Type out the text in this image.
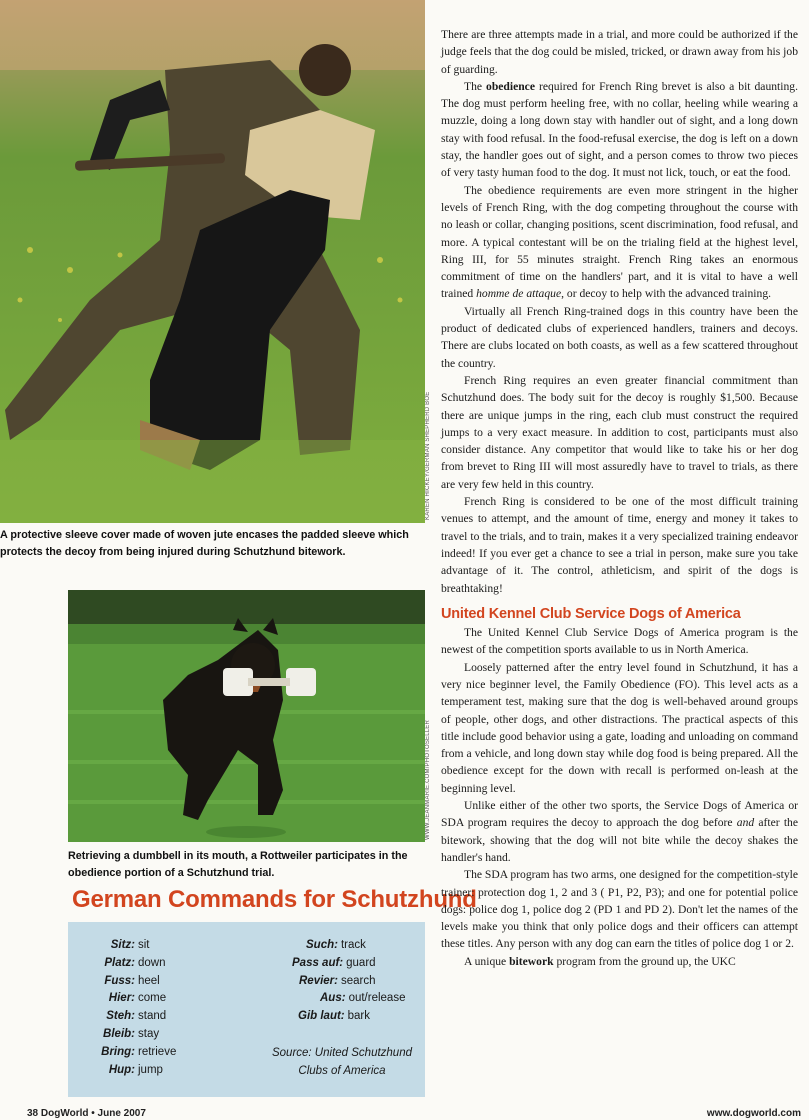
KAREN HICKEY/GERMAN SHEPHERD BOE
A protective sleeve cover made of woven jute encases the padded sleeve which protects the decoy from being injured during Schutzhund bitework.
WWW.JEANMARIE.COM/PHOTOSELLER
Retrieving a dumbbell in its mouth, a Rottweiler participates in the obedience portion of a Schutzhund trial.
German Commands for Schutzhund
Sitz: sit
Platz: down
Fuss: heel
Hier: come
Steh: stand
Bleib: stay
Bring: retrieve
Hup: jump
Such: track
Pass auf: guard
Revier: search
Aus: out/release
Gib laut: bark
Source: United Schutzhund
Clubs of America

There are three attempts made in a trial, and more could be authorized if the judge feels that the dog could be misled, tricked, or drawn away from his job of guarding.

The obedience required for French Ring brevet is also a bit daunting. The dog must perform heeling free, with no collar, heeling while wearing a muzzle, doing a long down stay with handler out of sight, and a long down stay with food refusal. In the food-refusal exercise, the dog is left on a down stay, the handler goes out of sight, and a person comes to throw two pieces of very tasty human food to the dog. It must not lick, touch, or eat the food.

The obedience requirements are even more stringent in the higher levels of French Ring, with the dog competing throughout the course with no leash or collar, changing positions, scent discrimination, food refusal, and more. A typical contestant will be on the trialing field at the highest level, Ring III, for 55 minutes straight. French Ring takes an enormous commitment of time on the handlers' part, and it is vital to have a well trained homme de attaque, or decoy to help with the advanced training.

Virtually all French Ring-trained dogs in this country have been the product of dedicated clubs of experienced handlers, trainers and decoys. There are clubs located on both coasts, as well as a few scattered throughout the country.

French Ring requires an even greater financial commitment than Schutzhund does. The body suit for the decoy is roughly $1,500. Because there are unique jumps in the ring, each club must construct the required jumps to a very exact measure. In addition to cost, participants must also consider distance. Any competitor that would like to take his or her dog from brevet to Ring III will most assuredly have to travel to trials, as there are very few held in this country.

French Ring is considered to be one of the most difficult training venues to attempt, and the amount of time, energy and money it takes to travel to the trials, and to train, makes it a very specialized training endeavor indeed! If you ever get a chance to see a trial in person, make sure you take advantage of it. The control, athleticism, and spirit of the dogs is breathtaking!

United Kennel Club Service Dogs of America

The United Kennel Club Service Dogs of America program is the newest of the competition sports available to us in North America.

Loosely patterned after the entry level found in Schutzhund, it has a very nice beginner level, the Family Obedience (FO). This level acts as a temperament test, making sure that the dog is well-behaved around groups of people, other dogs, and other distractions. The practical aspects of this title include good behavior using a gate, loading and unloading on command from a vehicle, and long down stay while dog food is being prepared. All the obedience except for the down with recall is performed on-leash at the beginning level.

Unlike either of the other two sports, the Service Dogs of America or SDA program requires the decoy to approach the dog before and after the bitework, showing that the dog will not bite while the decoy shakes the handler's hand.

The SDA program has two arms, one designed for the competition-style trainer: protection dog 1, 2 and 3 ( P1, P2, P3); and one for potential police dogs: police dog 1, police dog 2 (PD 1 and PD 2). Don't let the names of the levels make you think that only police dogs and their officers can attempt these titles. Any person with any dog can earn the titles of police dog 1 or 2.

A unique bitework program from the ground up, the UKC

38 DogWorld • June 2007	www.dogworld.com
